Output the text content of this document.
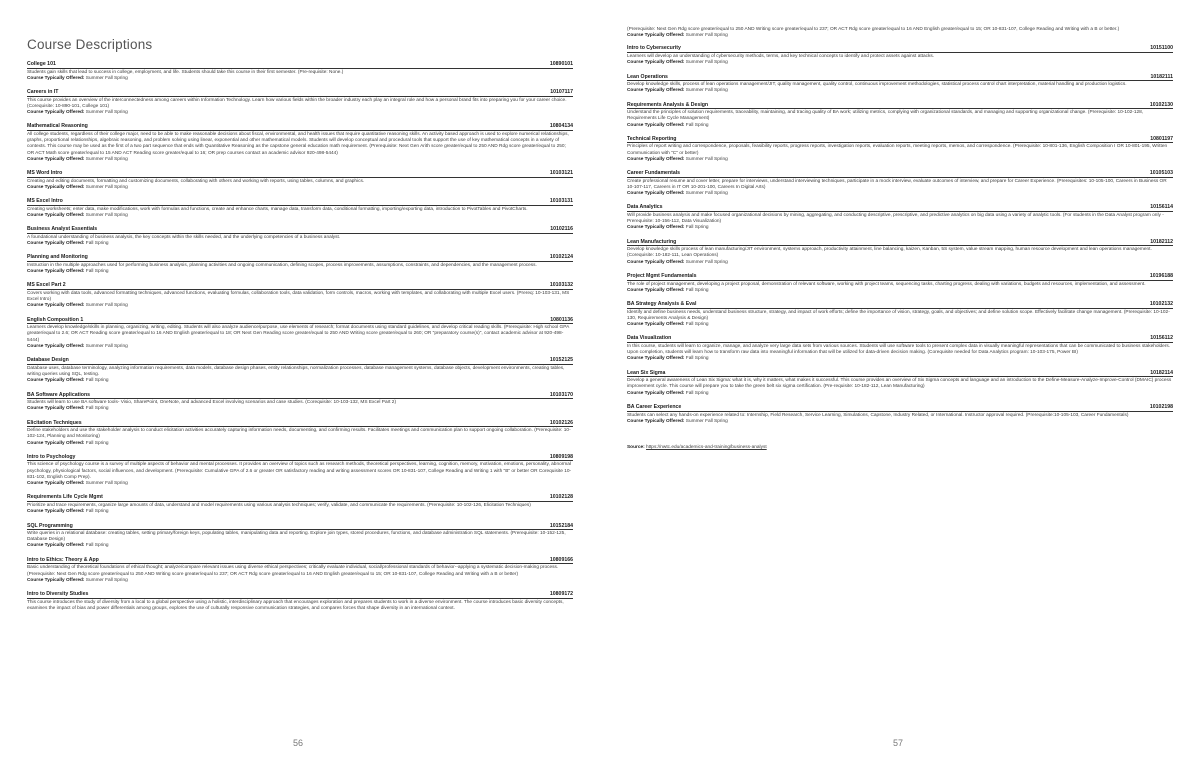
Course Descriptions
College 101	10890101
Students gain skills that lead to success in college, employment, and life. Students should take this course in their first semester. (Pre-requisite: None.)
Course Typically Offered: Summer Fall Spring
Careers in IT	10107117
This course provides an overview of the interconnectedness among careers within Information Technology. Learn how various fields within the broader industry each play an integral role and how a personal brand fits into preparing you for your career choice. (Corequisite: 10-890-101, College 101)
Course Typically Offered: Summer Fall Spring
Mathematical Reasoning	10804134
All college students, regardless of their college major, need to be able to make reasonable decisions about fiscal, environmental, and health issues that require quantitative reasoning skills. An activity based approach is used to explore numerical relationships, graphs, proportional relationships, algebraic reasoning, and problem solving using linear, exponential and other mathematical models. Students will develop conceptual and procedural tools that support the use of key mathematical concepts in a variety of contexts. This course may be used as the first of a two part sequence that ends with Quantitative Reasoning as the capstone general education math requirement. (Prerequisite: Next Gen Arith score greater/equal to 250 AND Rdg score greater/equal to 250; OR ACT Math score greater/equal to 15 AND ACT Reading score greater/equal to 16; OR prep courses contact an academic advisor 920-498-5444)
Course Typically Offered: Summer Fall Spring
MS Word Intro	10103121
Creating and editing documents, formatting and customizing documents, collaborating with others and working with reports, using tables, columns, and graphics.
Course Typically Offered: Summer Fall Spring
MS Excel Intro	10103131
Creating worksheets; enter data, make modifications, work with formulas and functions, create and enhance charts, manage data, transform data, conditional formatting, importing/exporting data, introduction to PivotTables and PivotCharts.
Course Typically Offered: Summer Fall Spring
Business Analyst Essentials	10102116
A foundational understanding of business analysis, the key concepts within the skills needed, and the underlying competencies of a business analyst.
Course Typically Offered: Fall Spring
Planning and Monitoring	10102124
Instruction in the multiple approaches used for performing business analysis, planning activities and ongoing communication, defining scopes, process improvements, assumptions, constraints, and dependencies, and the management process.
Course Typically Offered: Fall Spring
MS Excel Part 2	10103132
Covers working with data tools, advanced formatting techniques, advanced functions, evaluating formulas, collaboration tools, data validation, form controls, macros, working with templates, and collaborating with multiple Excel users. (Prereq: 10-103-131, MS Excel Intro)
Course Typically Offered: Summer Fall Spring
English Composition 1	10801136
Learners develop knowledge/skills in planning, organizing, writing, editing. Students will also analyze audience/purpose, use elements of research; format documents using standard guidelines, and develop critical reading skills. (Prerequisite: High school GPA greater/equal to 2.6; OR ACT Reading score greater/equal to 16 AND English greater/equal to 18; OR Next Gen Reading score greater/equal to 250 AND Writing score greater/equal to 260; OR "preparatory course(s)", contact academic advisor at 920-498-5444)
Course Typically Offered: Summer Fall Spring
Database Design	10152125
Database uses, database terminology, analyzing information requirements, data models, database design phases, entity relationships, normalization processes, database management systems, database objects, development environments, creating tables, writing queries using SQL, testing.
Course Typically Offered: Fall Spring
BA Software Applications	10103170
Students will learn to use BA software tools- Visio, SharePoint, OneNote, and advanced Excel involving scenarios and case studies. (Corequisite: 10-103-132, MS Excel Part 2)
Course Typically Offered: Fall Spring
Elicitation Techniques	10102126
Define stakeholders and use the stakeholder analysis to conduct elicitation activities accurately capturing information needs, documenting, and confirming results. Facilitates meetings and communication plan to support ongoing collaboration. (Prerequisite: 10-102-124, Planning and Monitoring)
Course Typically Offered: Fall Spring
Intro to Psychology	10809198
This science of psychology course is a survey of multiple aspects of behavior and mental processes. It provides an overview of topics such as research methods, theoretical perspectives, learning, cognition, memory, motivation, emotions, personality, abnormal psychology, physiological factors, social influences, and development. (Prerequisite: Cumulative GPA of 2.6 or greater OR satisfactory reading and writing assessment scores OR 10-831-107, College Reading and Writing 1 with "B" or better OR Corequisite 10-831-102, English Comp Prep).
Course Typically Offered: Summer Fall Spring
Requirements Life Cycle Mgmt	10102128
Prioritize and trace requirements, organize large amounts of data, understand and model requirements using various analysis techniques; verify, validate, and communicate the requirements. (Prerequisite: 10-102-126, Elicitation Techniques)
Course Typically Offered: Fall Spring
SQL Programming	10152184
Write queries in a relational database: creating tables, setting primary/foreign keys, populating tables, manipulating data and reporting. Explore join types, stored procedures, functions, and database administration SQL statements. (Prerequisite: 10-152-125, Database Design)
Course Typically Offered: Fall Spring
Intro to Ethics: Theory & App	10809166
Basic understanding of theoretical foundations of ethical thought; analyze/compare relevant issues using diverse ethical perspectives; critically evaluate individual, social/professional standards of behavior--applying a systematic decision-making process. (Prerequisite: Next Gen Rdg score greater/equal to 250 AND Writing score greater/equal to 237; OR ACT Rdg score greater/equal to 16 AND English greater/equal to 15; OR 10-831-107, College Reading and Writing with a B or better)
Course Typically Offered: Summer Fall Spring
Intro to Diversity Studies	10809172
This course introduces the study of diversity from a local to a global perspective using a holistic, interdisciplinary approach that encourages exploration and prepares students to work in a diverse environment. The course introduces basic diversity concepts, examines the impact of bias and power differentials among groups, explores the use of culturally responsive communication strategies, and compares forces that shape diversity in an international context.
56
(Prerequisite: Next Gen Rdg score greater/equal to 250 AND Writing score greater/equal to 237; OR ACT Rdg score greater/equal to 16 AND English greater/equal to 15; OR 10-831-107, College Reading and Writing with a B or better.)
Course Typically Offered: Summer Fall Spring
Intro to Cybersecurity	10151100
Learners will develop an understanding of cybersecurity methods, terms, and key technical concepts to identify and protect assets against attacks.
Course Typically Offered: Summer Fall Spring
Lean Operations	10182111
Develop knowledge skills, process of lean operations management/JIT, quality management, quality control, continuous improvement methodologies, statistical process control chart interpretation, material handling and production logistics.
Course Typically Offered: Summer Fall Spring
Requirements Analysis & Design	10102130
Understand the principles of solution requirements, traceability, maintaining, and tracing quality of BA work; utilizing metrics, complying with organizational standards, and managing and supporting organizational change. (Prerequisite: 10-102-128, Requirements Life Cycle Management)
Course Typically Offered: Fall Spring
Technical Reporting	10801197
Principles of report writing and correspondence, proposals, feasibility reports, progress reports, investigation reports, evaluation reports, meeting reports, memos, and correspondence. (Prerequisite: 10-801-136, English Composition I OR 10-801-195, Written Communication with "C" or better)
Course Typically Offered: Summer Fall Spring
Career Fundamentals	10105103
Create professional resume and cover letter, prepare for interviews, understand interviewing techniques, participate in a mock interview, evaluate outcomes of interview, and prepare for Career Experience. (Prerequisites: 10-105-100, Careers in Business OR 10-107-117, Careers in IT OR 10-201-100, Careers In Digital Arts)
Course Typically Offered: Summer Fall Spring
Data Analytics	10156114
Will provide business analysis and make focused organizational decisions by mining, aggregating, and conducting descriptive, prescriptive, and predictive analytics on big data using a variety of analytic tools. (For students in the Data Analyst program only - Prerequisite: 10-156-112, Data Visualization)
Course Typically Offered: Fall Spring
Lean Manufacturing	10182112
Develop knowledge skills process of lean manufacturing/JIT environment, systems approach, productivity attainment, line balancing, kaizen, Kanban, 5S system, value stream mapping, human resource development and lean operations management. (Corequisite: 10-182-111, Lean Operations)
Course Typically Offered: Summer Fall Spring
Project Mgmt Fundamentals	10196188
The role of project management, developing a project proposal, demonstration of relevant software, working with project teams, sequencing tasks, charting progress, dealing with variations, budgets and resources, implementation, and assessment.
Course Typically Offered: Fall Spring
BA Strategy Analysis & Eval	10102132
Identify and define business needs, understand business structure, strategy, and impact of work efforts; define the importance of vision, strategy, goals, and objectives; and define solution scope. Effectively facilitate change management. (Prerequisite: 10-102-130, Requirements Analysis & Design)
Course Typically Offered: Fall Spring
Data Visualization	10156112
In this course, students will learn to organize, manage, and analyze very large data sets from various sources. Students will use software tools to present complex data in visually meaningful representations that can be communicated to business stakeholders. Upon completion, students will learn how to transform raw data into meaningful information that will be utilized for data-driven decision making. (Corequisite needed for Data Analytics program: 10-103-175, Power BI)
Course Typically Offered: Fall Spring
Lean Six Sigma	10182114
Develop a general awareness of Lean Six Sigma: what it is, why it matters, what makes it successful. This course provides an overview of Six Sigma concepts and language and an introduction to the Define-Measure-Analyze-Improve-Control (DMAIC) process improvement cycle. This course will prepare you to take the green belt six sigma certification. (Pre-requisite: 10-182-112, Lean Manufacturing)
Course Typically Offered: Fall Spring
BA Career Experience	10102198
Students can select any hands-on experience related to: Internship, Field Research, Service Learning, Simulations, Capstone, Industry Related, or International. Instructor approval required. (Prerequisite:10-105-103, Career Fundamentals)
Course Typically Offered: Summer Fall Spring
Source: https://nwtc.edu/academics-and-training/business-analyst
57
